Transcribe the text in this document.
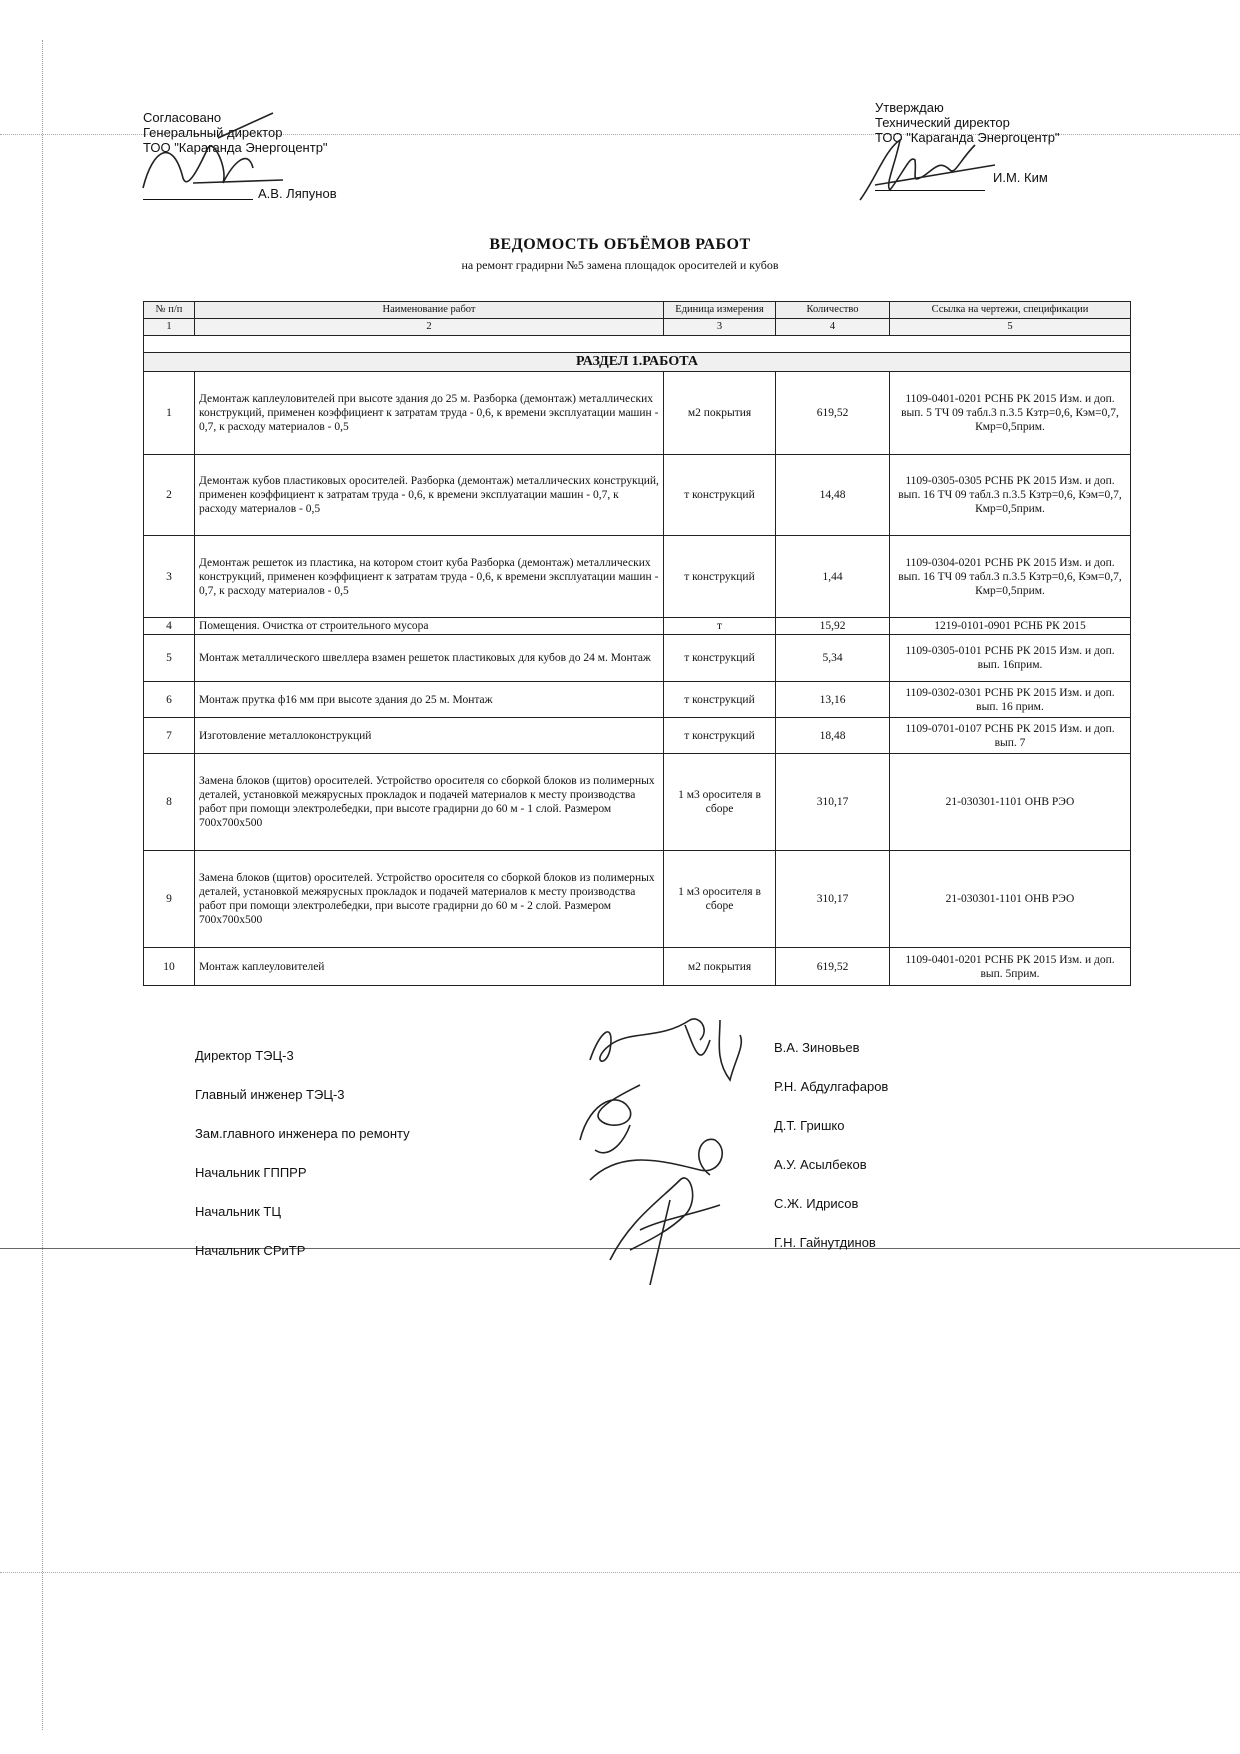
Согласовано
Генеральный директор
ТОО "Караганда Энергоцентр"
А.В. Ляпунов
Утверждаю
Технический директор
ТОО "Караганда Энергоцентр"
И.М. Ким
ВЕДОМОСТЬ ОБЪЁМОВ РАБОТ
на ремонт градирни №5 замена площадок оросителей и кубов
№ п/п	Наименование работ	Единица измерения	Количество	Ссылка на чертежи, спецификации
1	2	3	4	5

РАЗДЕЛ 1.РАБОТА				
1	Демонтаж каплеуловителей при высоте здания до 25 м. Разборка (демонтаж) металлических конструкций, применен коэффициент к затратам труда - 0,6, к времени эксплуатации машин - 0,7, к расходу материалов - 0,5	м2 покрытия	619,52	1109-0401-0201 РСНБ РК 2015 Изм. и доп. вып. 5 ТЧ 09 табл.3 п.3.5 Кзтр=0,6, Кэм=0,7, Кмр=0,5прим.
2	Демонтаж кубов пластиковых оросителей. Разборка (демонтаж) металлических конструкций, применен коэффициент к затратам труда - 0,6, к времени эксплуатации машин - 0,7, к расходу материалов - 0,5	т конструкций	14,48	1109-0305-0305 РСНБ РК 2015 Изм. и доп. вып. 16 ТЧ 09 табл.3 п.3.5 Кзтр=0,6, Кэм=0,7, Кмр=0,5прим.
3	Демонтаж решеток из пластика, на котором стоит куба Разборка (демонтаж) металлических конструкций, применен коэффициент к затратам труда - 0,6, к времени эксплуатации машин - 0,7, к расходу материалов - 0,5	т конструкций	1,44	1109-0304-0201 РСНБ РК 2015 Изм. и доп. вып. 16 ТЧ 09 табл.3 п.3.5 Кзтр=0,6, Кэм=0,7, Кмр=0,5прим.
4	Помещения. Очистка от строительного мусора	т	15,92	1219-0101-0901 РСНБ РК 2015
5	Монтаж металлического швеллера взамен решеток пластиковых для кубов до 24 м. Монтаж	т конструкций	5,34	1109-0305-0101 РСНБ РК 2015 Изм. и доп. вып. 16прим.
6	Монтаж прутка ф16 мм при высоте здания до 25 м. Монтаж	т конструкций	13,16	1109-0302-0301 РСНБ РК 2015 Изм. и доп. вып. 16 прим.
7	Изготовление металлоконструкций	т конструкций	18,48	1109-0701-0107 РСНБ РК 2015 Изм. и доп. вып. 7
8	Замена блоков (щитов) оросителей. Устройство оросителя со сборкой блоков из полимерных деталей, установкой межярусных прокладок и подачей материалов к месту производства рабoт при помощи электролебедки, при высоте градирни до 60 м - 1 слой. Размером 700х700х500	1 м3 оросителя в сборе	310,17	21-030301-1101 ОНВ РЭО
9	Замена блоков (щитов) оросителей. Устройство оросителя со сборкой блоков из полимерных деталей, установкой межярусных прокладок и подачей материалов к месту производства работ при помощи электролебедки, при высоте градирни до 60 м - 2 слой. Размером 700х700х500	1 м3 оросителя в сборе	310,17	21-030301-1101 ОНВ РЭО
10	Монтаж каплеуловителей	м2 покрытия	619,52	1109-0401-0201 РСНБ РК 2015 Изм. и доп. вып. 5прим.
Директор ТЭЦ-3
Главный инженер ТЭЦ-3
Зам.главного инженера по ремонту
Начальник ГППРР
Начальник ТЦ
Начальник СРиТР
В.А. Зиновьев
Р.Н. Абдулгафаров
Д.Т. Гришко
А.У. Асылбеков
С.Ж. Идрисов
Г.Н. Гайнутдинов
